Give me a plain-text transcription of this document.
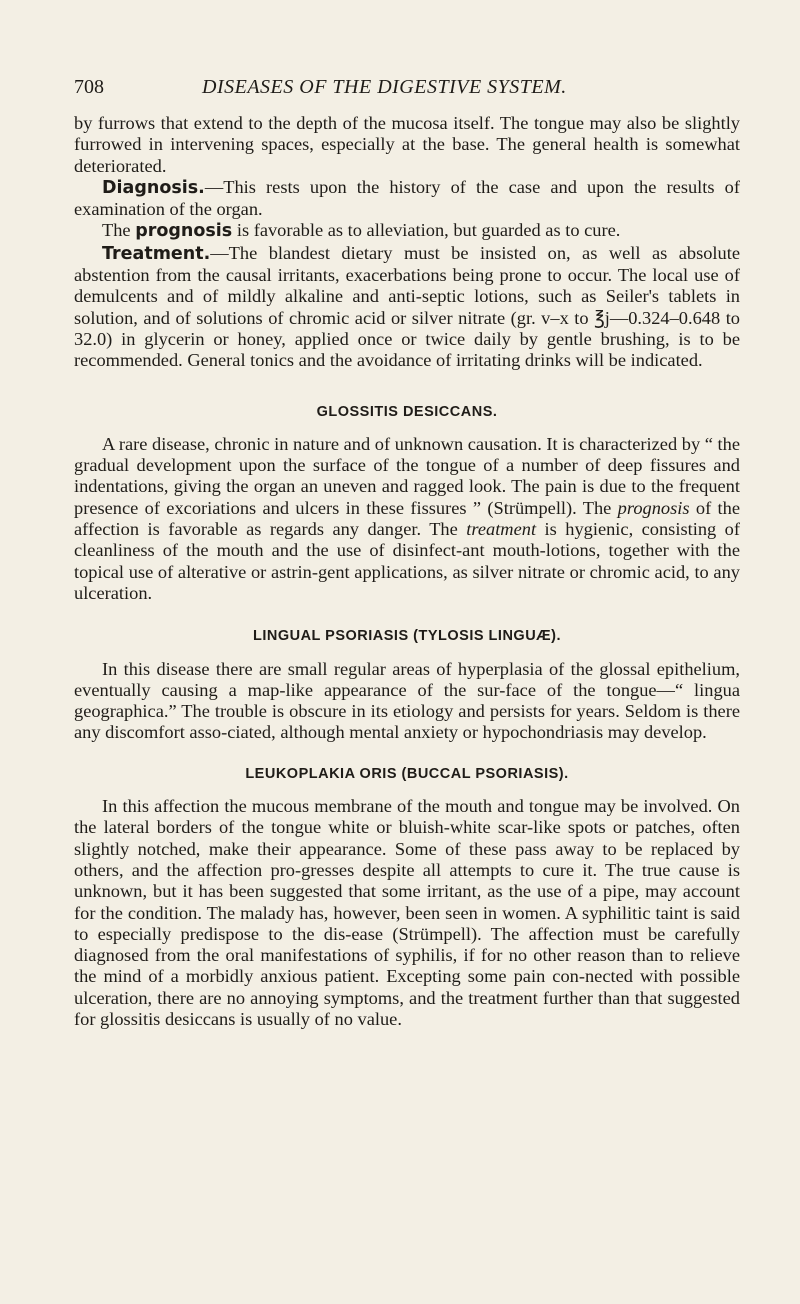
708	DISEASES OF THE DIGESTIVE SYSTEM.

by furrows that extend to the depth of the mucosa itself. The tongue may also be slightly furrowed in intervening spaces, especially at the base. The general health is somewhat deteriorated.

Diagnosis.—This rests upon the history of the case and upon the results of examination of the organ.

The prognosis is favorable as to alleviation, but guarded as to cure.

Treatment.—The blandest dietary must be insisted on, as well as absolute abstention from the causal irritants, exacerbations being prone to occur. The local use of demulcents and of mildly alkaline and anti-septic lotions, such as Seiler's tablets in solution, and of solutions of chromic acid or silver nitrate (gr. v–x to ℥j—0.324–0.648 to 32.0) in glycerin or honey, applied once or twice daily by gentle brushing, is to be recommended. General tonics and the avoidance of irritating drinks will be indicated.

GLOSSITIS DESICCANS.

A rare disease, chronic in nature and of unknown causation. It is characterized by “ the gradual development upon the surface of the tongue of a number of deep fissures and indentations, giving the organ an uneven and ragged look. The pain is due to the frequent presence of excoriations and ulcers in these fissures ” (Strümpell). The prognosis of the affection is favorable as regards any danger. The treatment is hygienic, consisting of cleanliness of the mouth and the use of disinfect-ant mouth-lotions, together with the topical use of alterative or astrin-gent applications, as silver nitrate or chromic acid, to any ulceration.

LINGUAL PSORIASIS (TYLOSIS LINGUÆ).

In this disease there are small regular areas of hyperplasia of the glossal epithelium, eventually causing a map-like appearance of the sur-face of the tongue—“ lingua geographica.” The trouble is obscure in its etiology and persists for years. Seldom is there any discomfort asso-ciated, although mental anxiety or hypochondriasis may develop.

LEUKOPLAKIA ORIS (BUCCAL PSORIASIS).

In this affection the mucous membrane of the mouth and tongue may be involved. On the lateral borders of the tongue white or bluish-white scar-like spots or patches, often slightly notched, make their appearance. Some of these pass away to be replaced by others, and the affection pro-gresses despite all attempts to cure it. The true cause is unknown, but it has been suggested that some irritant, as the use of a pipe, may account for the condition. The malady has, however, been seen in women. A syphilitic taint is said to especially predispose to the dis-ease (Strümpell). The affection must be carefully diagnosed from the oral manifestations of syphilis, if for no other reason than to relieve the mind of a morbidly anxious patient. Excepting some pain con-nected with possible ulceration, there are no annoying symptoms, and the treatment further than that suggested for glossitis desiccans is usually of no value.
